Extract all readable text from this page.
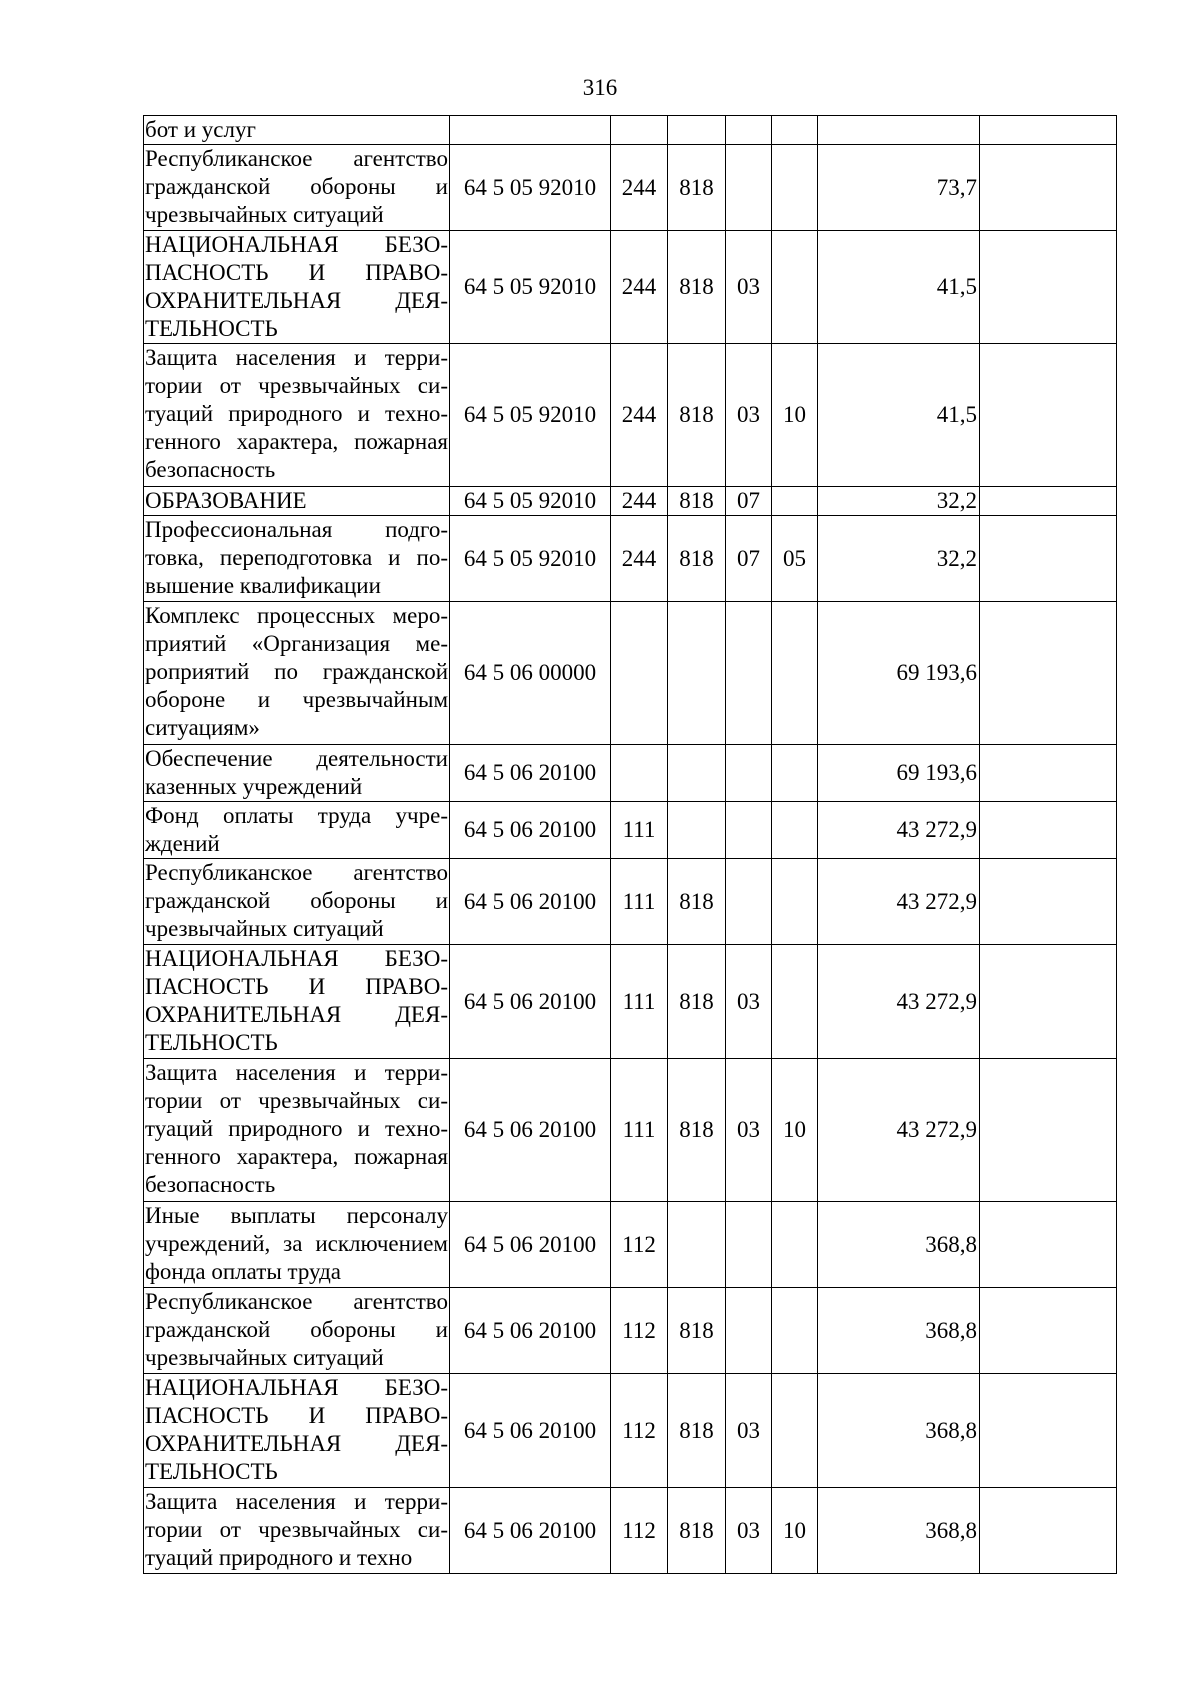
316
бот и услуг							
Республиканское агентство гражданской обороны и чрезвычайных ситуаций	64 5 05 92010	244	818			73,7	
НАЦИОНАЛЬНАЯ БЕЗОПАСНОСТЬ И ПРАВООХРАНИТЕЛЬНАЯ ДЕЯТЕЛЬНОСТЬ	64 5 05 92010	244	818	03		41,5	
Защита населения и территории от чрезвычайных ситуаций природного и техногенного характера, пожарная безопасность	64 5 05 92010	244	818	03	10	41,5	
ОБРАЗОВАНИЕ	64 5 05 92010	244	818	07		32,2	
Профессиональная подготовка, переподготовка и повышение квалификации	64 5 05 92010	244	818	07	05	32,2	
Комплекс процессных мероприятий «Организация мероприятий по гражданской обороне и чрезвычайным ситуациям»	64 5 06 00000					69 193,6	
Обеспечение деятельности казенных учреждений	64 5 06 20100					69 193,6	
Фонд оплаты труда учреждений	64 5 06 20100	111				43 272,9	
Республиканское агентство гражданской обороны и чрезвычайных ситуаций	64 5 06 20100	111	818			43 272,9	
НАЦИОНАЛЬНАЯ БЕЗОПАСНОСТЬ И ПРАВООХРАНИТЕЛЬНАЯ ДЕЯТЕЛЬНОСТЬ	64 5 06 20100	111	818	03		43 272,9	
Защита населения и территории от чрезвычайных ситуаций природного и техногенного характера, пожарная безопасность	64 5 06 20100	111	818	03	10	43 272,9	
Иные выплаты персоналу учреждений, за исключением фонда оплаты труда	64 5 06 20100	112				368,8	
Республиканское агентство гражданской обороны и чрезвычайных ситуаций	64 5 06 20100	112	818			368,8	
НАЦИОНАЛЬНАЯ БЕЗОПАСНОСТЬ И ПРАВООХРАНИТЕЛЬНАЯ ДЕЯТЕЛЬНОСТЬ	64 5 06 20100	112	818	03		368,8	
Защита населения и территории от чрезвычайных ситуаций природного и техно	64 5 06 20100	112	818	03	10	368,8	
